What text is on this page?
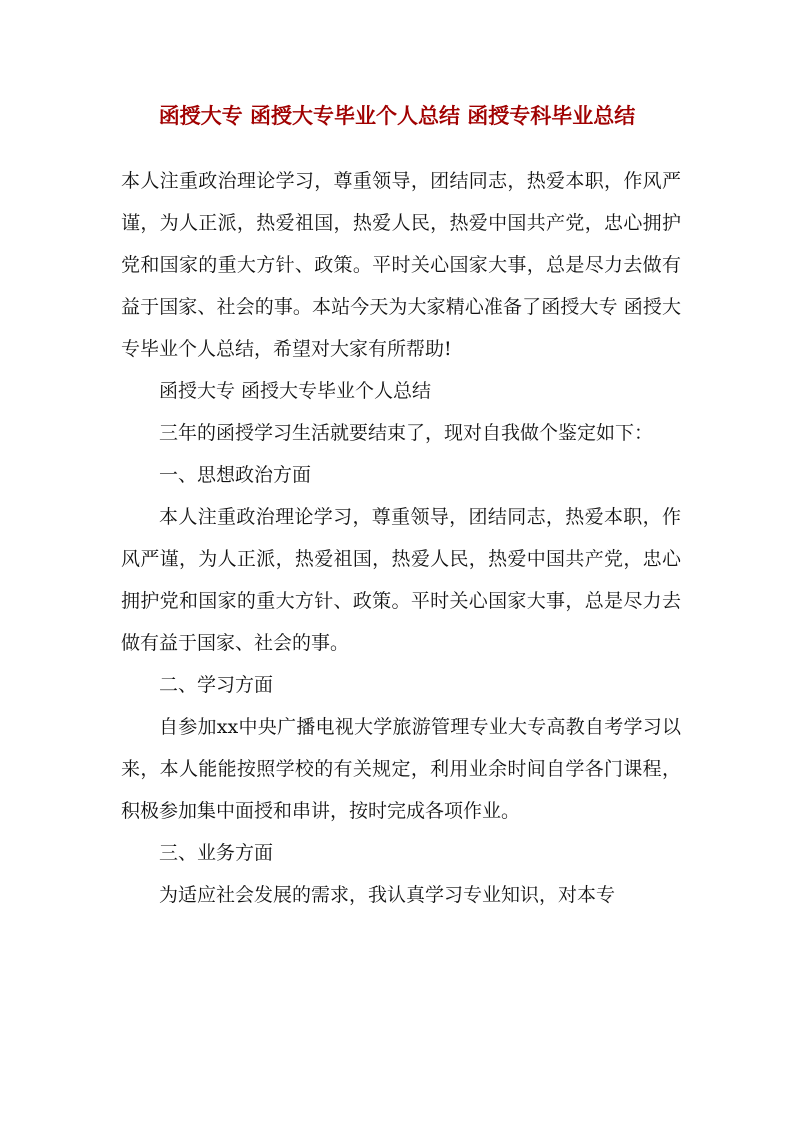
函授大专 函授大专毕业个人总结 函授专科毕业总结

本人注重政治理论学习，尊重领导，团结同志，热爱本职，作风严谨，为人正派，热爱祖国，热爱人民，热爱中国共产党，忠心拥护党和国家的重大方针、政策。平时关心国家大事，总是尽力去做有益于国家、社会的事。本站今天为大家精心准备了函授大专 函授大专毕业个人总结，希望对大家有所帮助!

函授大专 函授大专毕业个人总结

三年的函授学习生活就要结束了，现对自我做个鉴定如下：

一、思想政治方面

本人注重政治理论学习，尊重领导，团结同志，热爱本职，作风严谨，为人正派，热爱祖国，热爱人民，热爱中国共产党，忠心拥护党和国家的重大方针、政策。平时关心国家大事，总是尽力去做有益于国家、社会的事。

二、学习方面

自参加xx中央广播电视大学旅游管理专业大专高教自考学习以来，本人能能按照学校的有关规定，利用业余时间自学各门课程，积极参加集中面授和串讲，按时完成各项作业。

三、业务方面

为适应社会发展的需求，我认真学习专业知识，对本专
